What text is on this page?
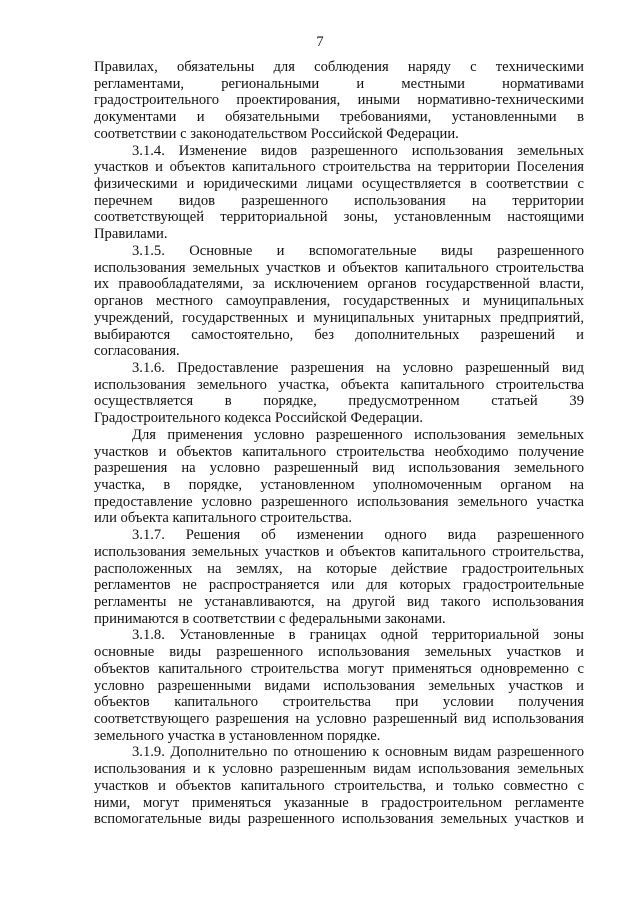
7
Правилах, обязательны для соблюдения наряду с техническими
регламентами, региональными и местными нормативами
градостроительного проектирования, иными нормативно-техническими
документами и обязательными требованиями, установленными в
соответствии с законодательством Российской Федерации.
3.1.4. Изменение видов разрешенного использования земельных
участков и объектов капитального строительства на территории Поселения
физическими и юридическими лицами осуществляется в соответствии с
перечнем видов разрешенного использования на территории
соответствующей территориальной зоны, установленным настоящими
Правилами.
3.1.5. Основные и вспомогательные виды разрешенного
использования земельных участков и объектов капитального строительства
их правообладателями, за исключением органов государственной власти,
органов местного самоуправления, государственных и муниципальных
учреждений, государственных и муниципальных унитарных предприятий,
выбираются самостоятельно, без дополнительных разрешений и
согласования.
3.1.6. Предоставление разрешения на условно разрешенный вид
использования земельного участка, объекта капитального строительства
осуществляется в порядке, предусмотренном статьей 39
Градостроительного кодекса Российской Федерации.
Для применения условно разрешенного использования земельных
участков и объектов капитального строительства необходимо получение
разрешения на условно разрешенный вид использования земельного
участка, в порядке, установленном уполномоченным органом на
предоставление условно разрешенного использования земельного участка
или объекта капитального строительства.
3.1.7. Решения об изменении одного вида разрешенного
использования земельных участков и объектов капитального строительства,
расположенных на землях, на которые действие градостроительных
регламентов не распространяется или для которых градостроительные
регламенты не устанавливаются, на другой вид такого использования
принимаются в соответствии с федеральными законами.
3.1.8. Установленные в границах одной территориальной зоны
основные виды разрешенного использования земельных участков и
объектов капитального строительства могут применяться одновременно с
условно разрешенными видами использования земельных участков и
объектов капитального строительства при условии получения
соответствующего разрешения на условно разрешенный вид использования
земельного участка в установленном порядке.
3.1.9. Дополнительно по отношению к основным видам разрешенного
использования и к условно разрешенным видам использования земельных
участков и объектов капитального строительства, и только совместно с
ними, могут применяться указанные в градостроительном регламенте
вспомогательные виды разрешенного использования земельных участков и
